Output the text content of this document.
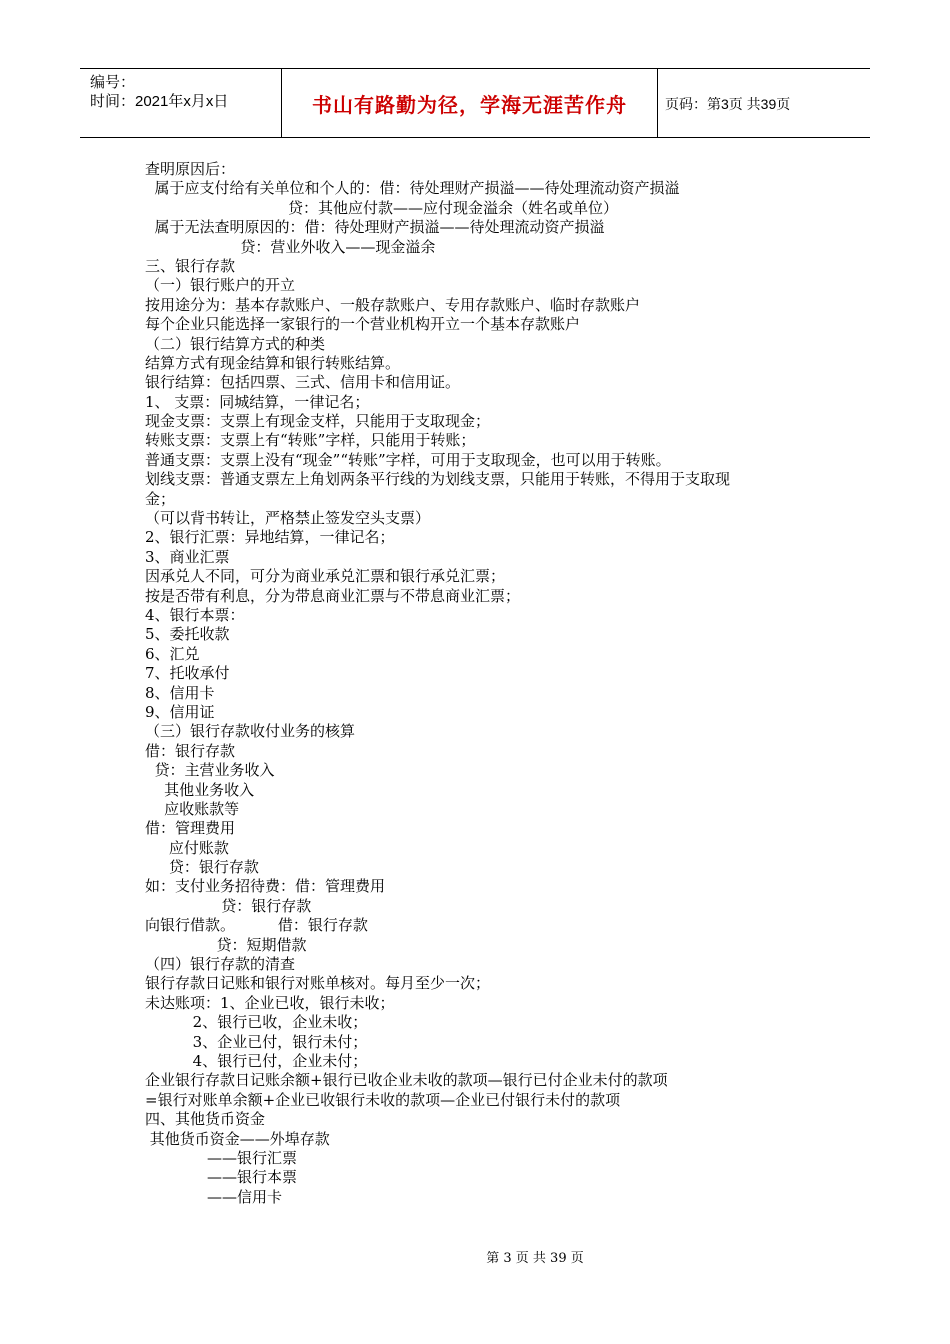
编号：
时间：2021年x月x日	书山有路勤为径，学海无涯苦作舟	页码：第3页 共39页
查明原因后：
属于应支付给有关单位和个人的：借：待处理财产损溢——待处理流动资产损溢
贷：其他应付款——应付现金溢余（姓名或单位）
属于无法查明原因的：借：待处理财产损溢——待处理流动资产损溢
贷：营业外收入——现金溢余
三、银行存款
（一）银行账户的开立
按用途分为：基本存款账户、一般存款账户、专用存款账户、临时存款账户
每个企业只能选择一家银行的一个营业机构开立一个基本存款账户
（二）银行结算方式的种类
结算方式有现金结算和银行转账结算。
银行结算：包括四票、三式、信用卡和信用证。
1、 支票：同城结算，一律记名；
现金支票：支票上有现金支样，只能用于支取现金；
转账支票：支票上有“转账”字样，只能用于转账；
普通支票：支票上没有“现金”“转账”字样，可用于支取现金，也可以用于转账。
划线支票：普通支票左上角划两条平行线的为划线支票，只能用于转账，不得用于支取现
金；
（可以背书转让，严格禁止签发空头支票）
2、银行汇票：异地结算，一律记名；
3、商业汇票
因承兑人不同，可分为商业承兑汇票和银行承兑汇票；
按是否带有利息，分为带息商业汇票与不带息商业汇票；
4、银行本票：
5、委托收款
6、汇兑
7、托收承付
8、信用卡
9、信用证
（三）银行存款收付业务的核算
借：银行存款
贷：主营业务收入
其他业务收入
应收账款等
借：管理费用
应付账款
贷：银行存款
如：支付业务招待费：借：管理费用
贷：银行存款
向银行借款。         借：银行存款
贷：短期借款
（四）银行存款的清查
银行存款日记账和银行对账单核对。每月至少一次；
未达账项：1、企业已收，银行未收；
2、银行已收，企业未收；
3、企业已付，银行未付；
4、银行已付，企业未付；
企业银行存款日记账余额+银行已收企业未收的款项—银行已付企业未付的款项
=银行对账单余额+企业已收银行未收的款项—企业已付银行未付的款项
四、其他货币资金
其他货币资金——外埠存款
——银行汇票
——银行本票
——信用卡
第 3 页 共 39 页
